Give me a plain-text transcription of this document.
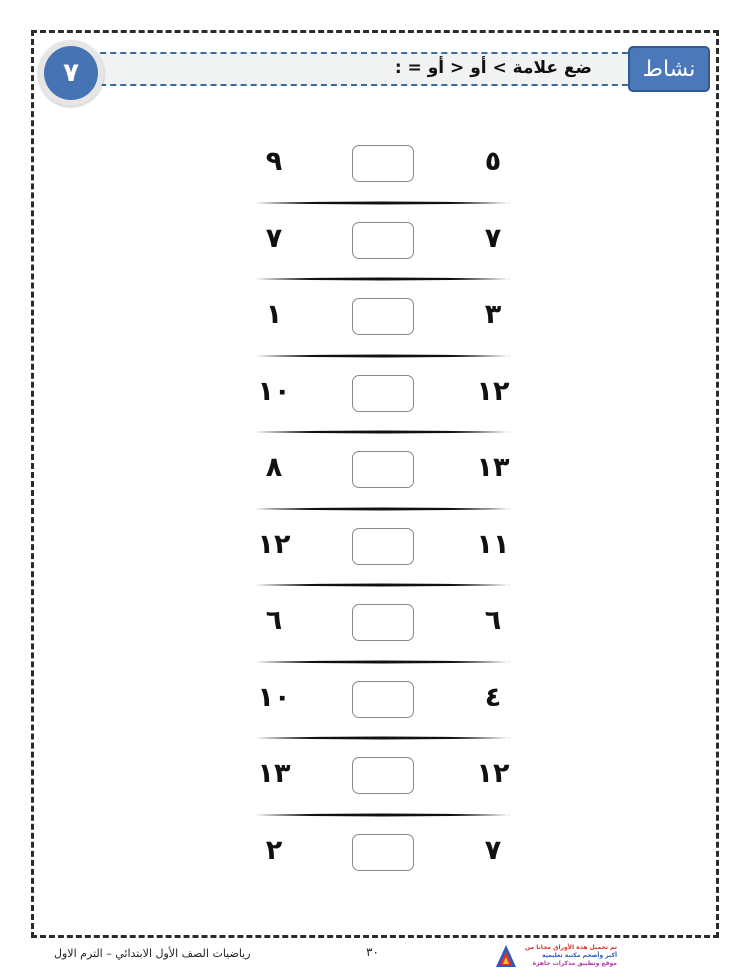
ضع علامة > أو < أو = :	نشاط
٧
٩	٥
٧	٧
١	٣
١٠	١٢
٨	١٣
١٢	١١
٦	٦
١٠	٤
١٣	١٢
٢	٧
رياضيات الصف الأول الابتدائي – الترم الاول	٣٠	تم تحميل هذه الأوراق مجانا من
أكبر وأضخم مكتبة تعليمية
موقع وتطبيق مذكرات جاهزة
